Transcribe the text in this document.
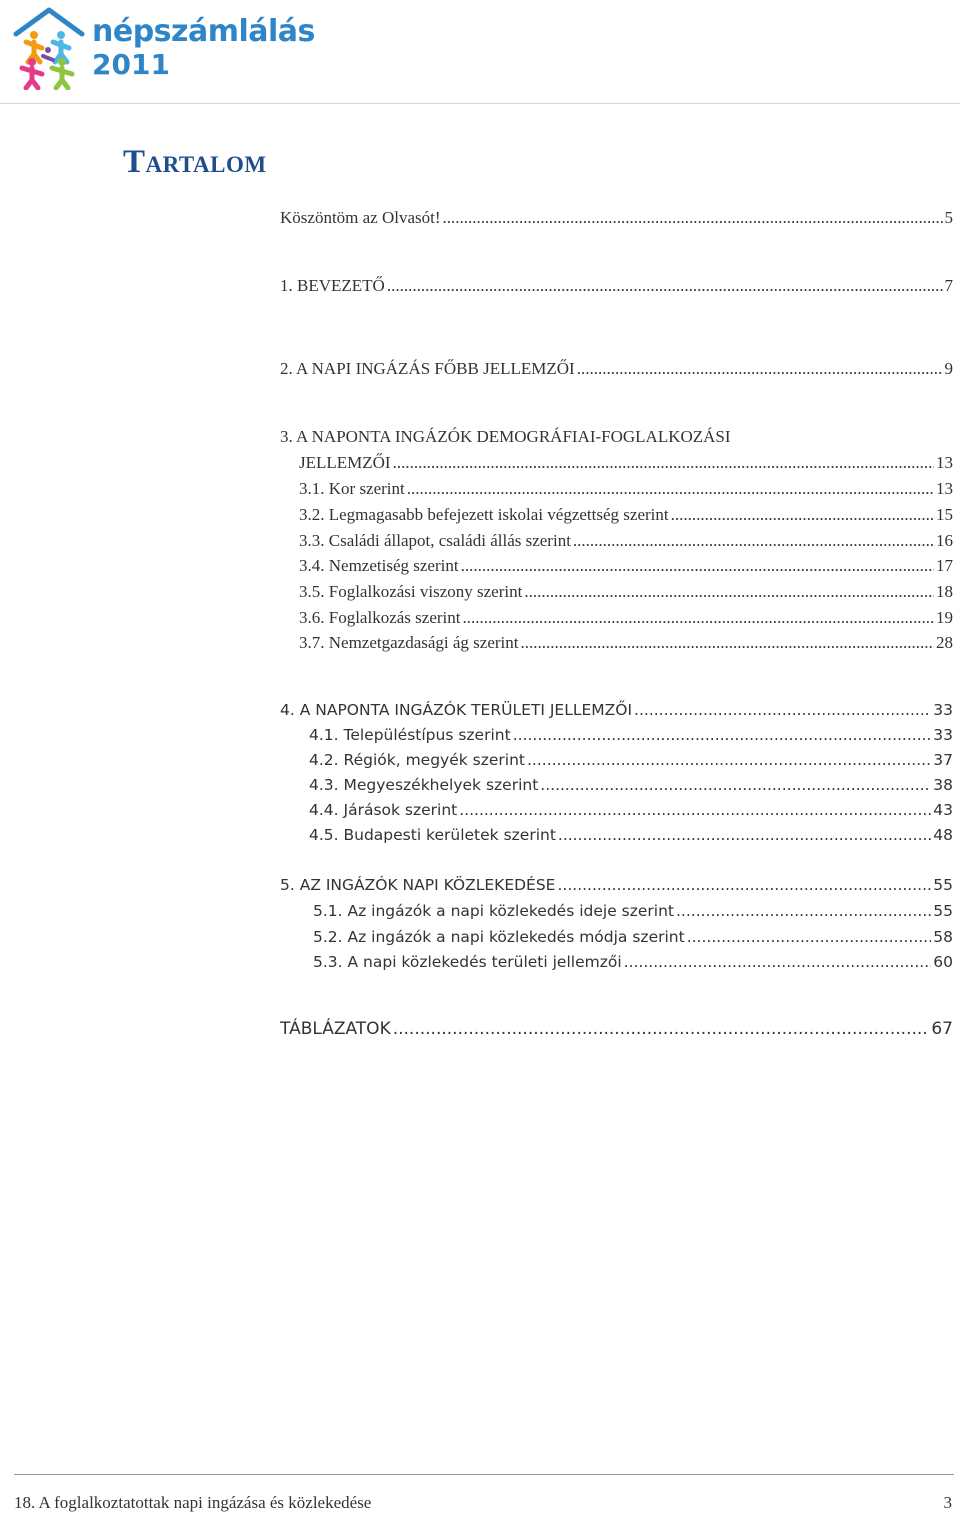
népszámlálás
2011
Tartalom
Köszöntöm az Olvasót! .....	5
1. BEVEZETŐ .....	7
2. A NAPI INGÁZÁS FŐBB JELLEMZŐI .....	9
3. A NAPONTA INGÁZÓK DEMOGRÁFIAI-FOGLALKOZÁSI
JELLEMZŐI .....	13
3.1. Kor szerint .....	13
3.2. Legmagasabb befejezett iskolai végzettség szerint .....	15
3.3. Családi állapot, családi állás szerint .....	16
3.4. Nemzetiség szerint .....	17
3.5. Foglalkozási viszony szerint .....	18
3.6. Foglalkozás szerint .....	19
3.7. Nemzetgazdasági ág szerint .....	28
4. A NAPONTA INGÁZÓK TERÜLETI JELLEMZŐI .....	33
4.1. Településtípus szerint .....	33
4.2. Régiók, megyék szerint .....	37
4.3. Megyeszékhelyek szerint .....	38
4.4. Járások szerint .....	43
4.5. Budapesti kerületek szerint .....	48
5. AZ INGÁZÓK NAPI KÖZLEKEDÉSE .....	55
5.1. Az ingázók a napi közlekedés ideje szerint .....	55
5.2. Az ingázók a napi közlekedés módja szerint .....	58
5.3. A napi közlekedés területi jellemzői .....	60
TÁBLÁZATOK .....	67
18. A foglalkoztatottak napi ingázása és közlekedése	3
